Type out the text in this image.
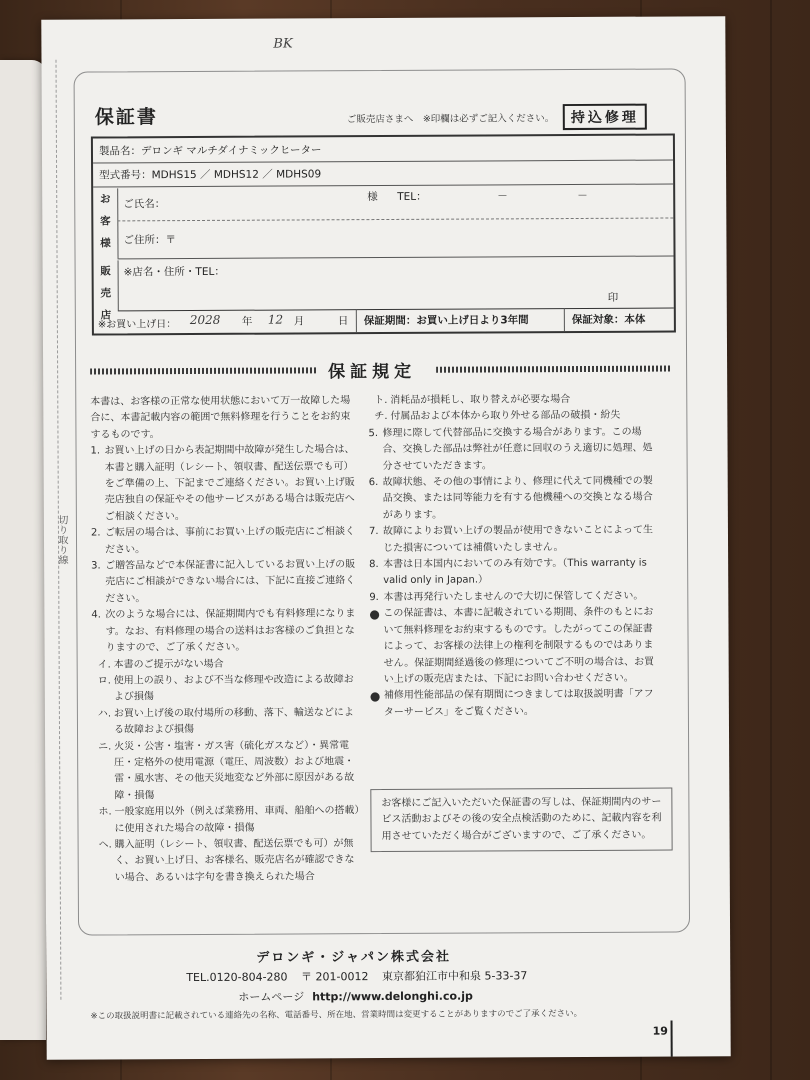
切り取り線
BK
保証書	ご販売店さまへ　※印欄は必ずご記入ください。	持込修理
製品名：デロンギ マルチダイナミックヒーター
型式番号：MDHS15 ／ MDHS12 ／ MDHS09
お
客
様
ご氏名：
様 TEL：	－	－
ご住所：〒
販
売
店
※店名・住所・TEL：
印
※お買い上げ日： 2028 年 12 月	日 保証期間：お買い上げ日より3年間	保証対象：本体
保証規定

本書は、お客様の正常な使用状態において万一故障した場合に、本書記載内容の範囲で無料修理を行うことをお約束するものです。

1. お買い上げの日から表記期間中故障が発生した場合は、本書と購入証明（レシート、領収書、配送伝票でも可）をご準備の上、下記までご連絡ください。お買い上げ販売店独自の保証やその他サービスがある場合は販売店へご相談ください。
2. ご転居の場合は、事前にお買い上げの販売店にご相談ください。
3. ご贈答品などで本保証書に記入しているお買い上げの販売店にご相談ができない場合には、下記に直接ご連絡ください。
4. 次のような場合には、保証期間内でも有料修理になります。なお、有料修理の場合の送料はお客様のご負担となりますので、ご了承ください。
イ. 本書のご提示がない場合
ロ. 使用上の誤り、および不当な修理や改造による故障および損傷
ハ. お買い上げ後の取付場所の移動、落下、輸送などによる故障および損傷
ニ. 火災・公害・塩害・ガス害（硫化ガスなど）・異常電圧・定格外の使用電源（電圧、周波数）および地震・雷・風水害、その他天災地変など外部に原因がある故障・損傷
ホ. 一般家庭用以外（例えば業務用、車両、船舶への搭載）に使用された場合の故障・損傷
ヘ. 購入証明（レシート、領収書、配送伝票でも可）が無く、お買い上げ日、お客様名、販売店名が確認できない場合、あるいは字句を書き換えられた場合
ト. 消耗品が損耗し、取り替えが必要な場合
チ. 付属品および本体から取り外せる部品の破損・紛失
5. 修理に際して代替部品に交換する場合があります。この場合、交換した部品は弊社が任意に回収のうえ適切に処理、処分させていただきます。
6. 故障状態、その他の事情により、修理に代えて同機種での製品交換、または同等能力を有する他機種への交換となる場合があります。
7. 故障によりお買い上げの製品が使用できないことによって生じた損害については補償いたしません。
8. 本書は日本国内においてのみ有効です。（This warranty is valid only in Japan.）
9. 本書は再発行いたしませんので大切に保管してください。
● この保証書は、本書に記載されている期間、条件のもとにおいて無料修理をお約束するものです。したがってこの保証書によって、お客様の法律上の権利を制限するものではありません。保証期間経過後の修理についてご不明の場合は、お買い上げの販売店または、下記にお問い合わせください。
● 補修用性能部品の保有期間につきましては取扱説明書「アフターサービス」をご覧ください。
お客様にご記入いただいた保証書の写しは、保証期間内のサービス活動およびその後の安全点検活動のために、記載内容を利用させていただく場合がございますので、ご了承ください。
デロンギ・ジャパン株式会社
TEL.0120-804-280 〒 201-0012 東京都狛江市中和泉 5-33-37
ホームページ http://www.delonghi.co.jp
※この取扱説明書に記載されている連絡先の名称、電話番号、所在地、営業時間は変更することがありますのでご了承ください。
19
